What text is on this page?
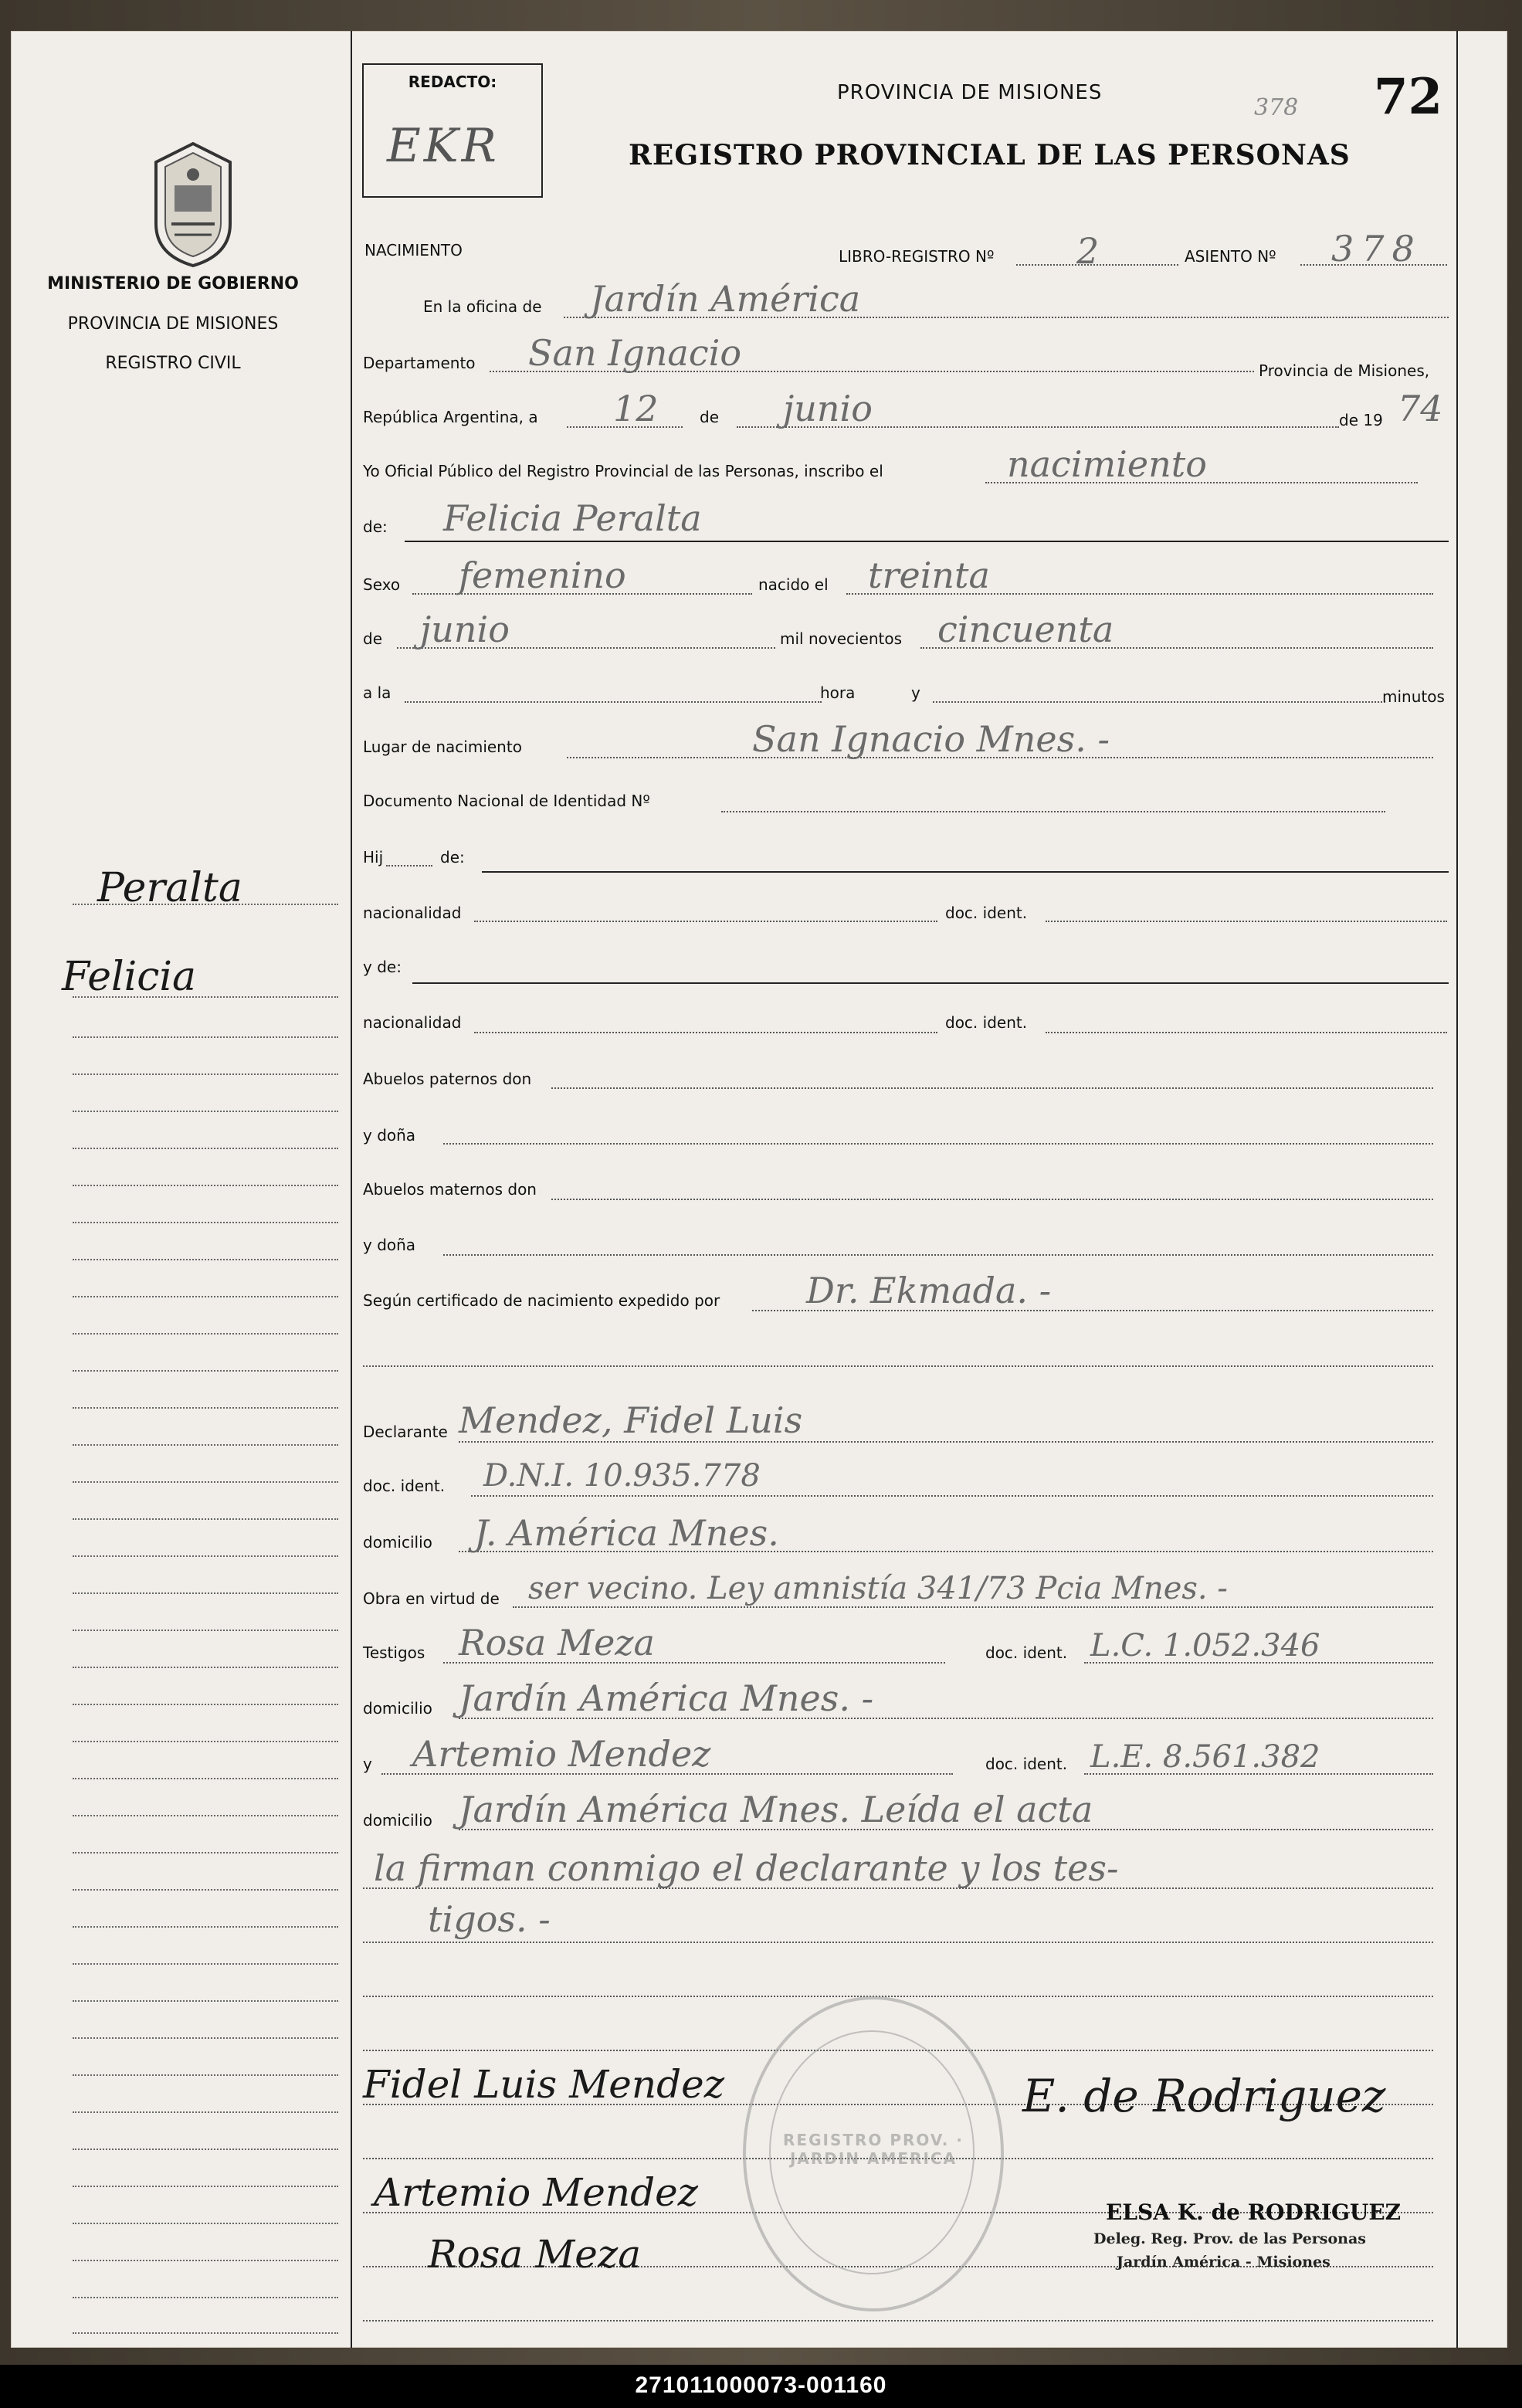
MINISTERIO DE GOBIERNO
PROVINCIA DE MISIONES
REGISTRO CIVIL
Peralta
Felicia
REDACTO:
EKR
PROVINCIA DE MISIONES
REGISTRO PROVINCIAL DE LAS PERSONAS
378 72
NACIMIENTO	LIBRO-REGISTRO Nº 2	ASIENTO Nº 378
En la oficina de Jardín América
Departamento San Ignacio	Provincia de Misiones,
República Argentina, a 12	de junio	de 19 74
Yo Oficial Público del Registro Provincial de las Personas, inscribo el	nacimiento
de: Felicia Peralta
Sexo femenino	nacido el treinta
de junio	mil novecientos cincuenta
a la	hora	y	minutos
Lugar de nacimiento	San Ignacio Mnes. -
Documento Nacional de Identidad Nº
Hij	de:
nacionalidad	doc. ident.
y de:
nacionalidad	doc. ident.
Abuelos paternos don
y doña
Abuelos maternos don
y doña
Según certificado de nacimiento expedido por Dr. Ekmada. -
Declarante Mendez, Fidel Luis
doc. ident. D.N.I. 10.935.778
domicilio J. América Mnes.
Obra en virtud de ser vecino. Ley amnistía 341/73 Pcia Mnes. -
Testigos Rosa Meza	doc. ident. L.C. 1.052.346
domicilio Jardín América Mnes. -
y Artemio Mendez	doc. ident. L.E. 8.561.382
domicilio Jardín América Mnes. Leída el acta
la firman conmigo el declarante y los tes-
tigos. -
REGISTRO PROV. · JARDIN AMERICA
Fidel Luis Mendez
Artemio Mendez
Rosa Meza
E. de Rodriguez
ELSA K. de RODRIGUEZ
Deleg. Reg. Prov. de las Personas
Jardín América - Misiones
271011000073-001160
